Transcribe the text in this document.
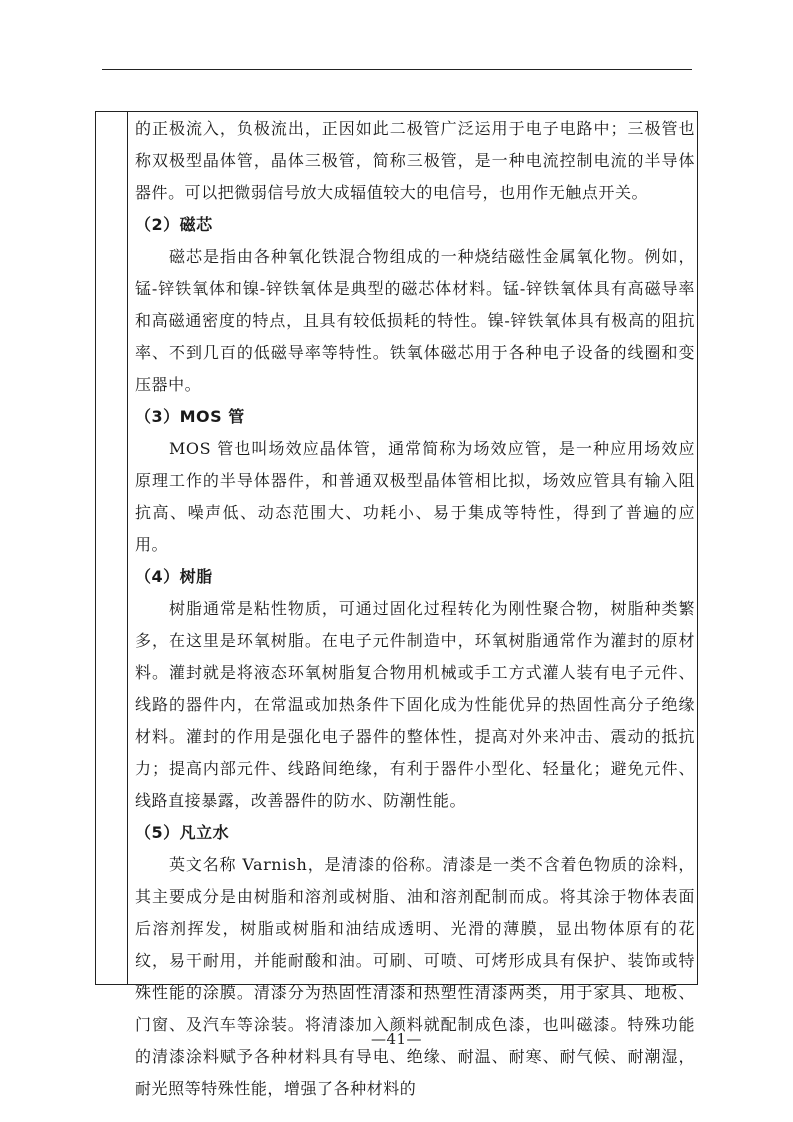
的正极流入，负极流出，正因如此二极管广泛运用于电子电路中；三极管也称双极型晶体管，晶体三极管，简称三极管，是一种电流控制电流的半导体器件。可以把微弱信号放大成辐值较大的电信号，也用作无触点开关。

（2）磁芯

磁芯是指由各种氧化铁混合物组成的一种烧结磁性金属氧化物。例如，锰-锌铁氧体和镍-锌铁氧体是典型的磁芯体材料。锰-锌铁氧体具有高磁导率和高磁通密度的特点，且具有较低损耗的特性。镍-锌铁氧体具有极高的阻抗率、不到几百的低磁导率等特性。铁氧体磁芯用于各种电子设备的线圈和变压器中。

（3）MOS 管

MOS 管也叫场效应晶体管，通常简称为场效应管，是一种应用场效应原理工作的半导体器件，和普通双极型晶体管相比拟，场效应管具有输入阻抗高、噪声低、动态范围大、功耗小、易于集成等特性，得到了普遍的应用。

（4）树脂

树脂通常是粘性物质，可通过固化过程转化为刚性聚合物，树脂种类繁多，在这里是环氧树脂。在电子元件制造中，环氧树脂通常作为灌封的原材料。灌封就是将液态环氧树脂复合物用机械或手工方式灌人装有电子元件、线路的器件内，在常温或加热条件下固化成为性能优异的热固性高分子绝缘材料。灌封的作用是强化电子器件的整体性，提高对外来冲击、震动的抵抗力；提高内部元件、线路间绝缘，有利于器件小型化、轻量化；避免元件、线路直接暴露，改善器件的防水、防潮性能。

（5）凡立水

英文名称 Varnish，是清漆的俗称。清漆是一类不含着色物质的涂料，其主要成分是由树脂和溶剂或树脂、油和溶剂配制而成。将其涂于物体表面后溶剂挥发，树脂或树脂和油结成透明、光滑的薄膜，显出物体原有的花纹，易干耐用，并能耐酸和油。可刷、可喷、可烤形成具有保护、装饰或特殊性能的涂膜。清漆分为热固性清漆和热塑性清漆两类，用于家具、地板、门窗、及汽车等涂装。将清漆加入颜料就配制成色漆，也叫磁漆。特殊功能的清漆涂料赋予各种材料具有导电、绝缘、耐温、耐寒、耐气候、耐潮湿，耐光照等特殊性能，增强了各种材料的

—41—
